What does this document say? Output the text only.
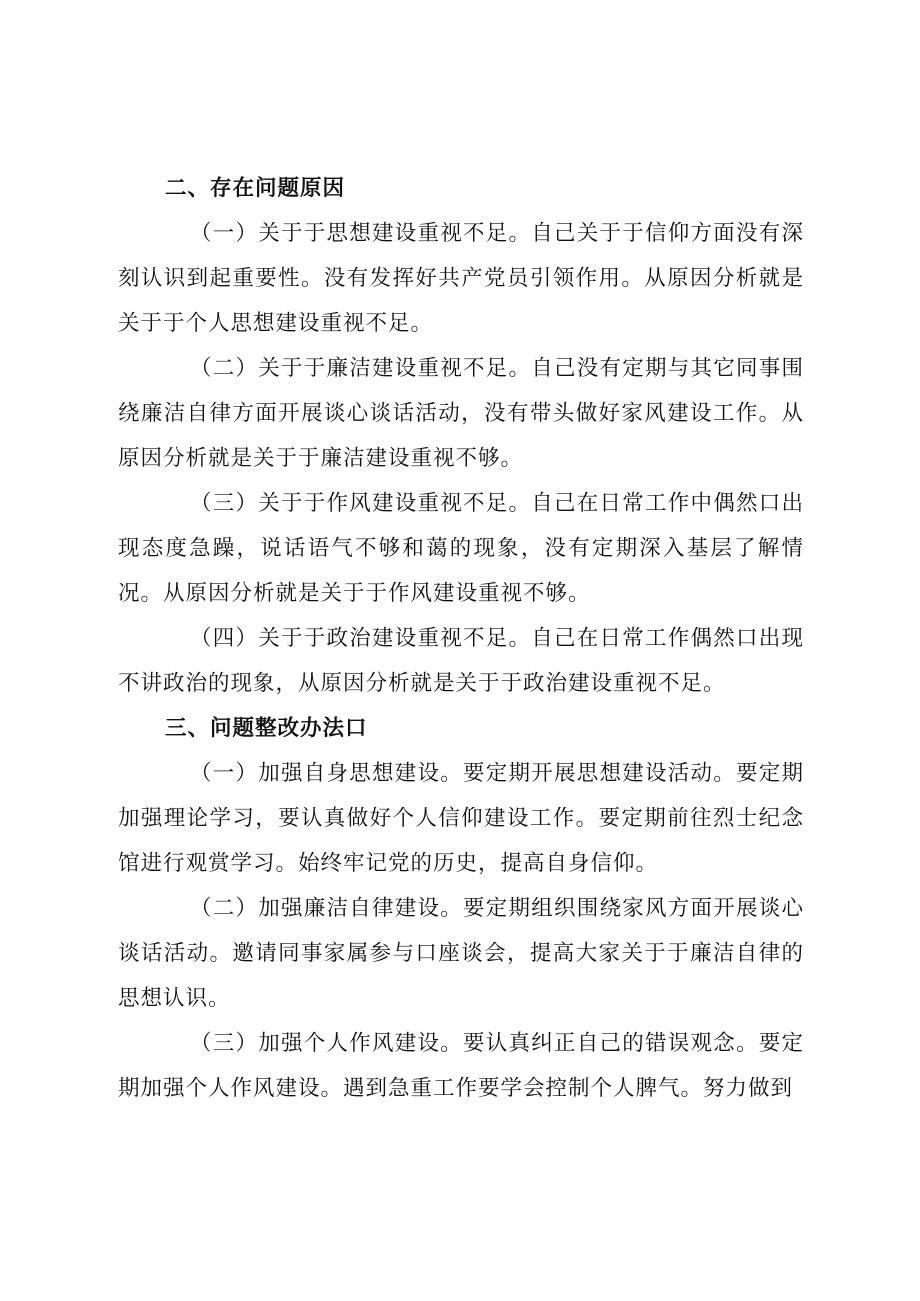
二、存在问题原因

（一）关于于思想建设重视不足。自己关于于信仰方面没有深刻认识到起重要性。没有发挥好共产党员引领作用。从原因分析就是关于于个人思想建设重视不足。

（二）关于于廉洁建设重视不足。自己没有定期与其它同事围绕廉洁自律方面开展谈心谈话活动，没有带头做好家风建设工作。从原因分析就是关于于廉洁建设重视不够。

（三）关于于作风建设重视不足。自己在日常工作中偶然口出现态度急躁，说话语气不够和蔼的现象，没有定期深入基层了解情况。从原因分析就是关于于作风建设重视不够。

（四）关于于政治建设重视不足。自己在日常工作偶然口出现不讲政治的现象，从原因分析就是关于于政治建设重视不足。

三、问题整改办法口

（一）加强自身思想建设。要定期开展思想建设活动。要定期加强理论学习，要认真做好个人信仰建设工作。要定期前往烈士纪念馆进行观赏学习。始终牢记党的历史，提高自身信仰。

（二）加强廉洁自律建设。要定期组织围绕家风方面开展谈心谈话活动。邀请同事家属参与口座谈会，提高大家关于于廉洁自律的思想认识。

（三）加强个人作风建设。要认真纠正自己的错误观念。要定期加强个人作风建设。遇到急重工作要学会控制个人脾气。努力做到
